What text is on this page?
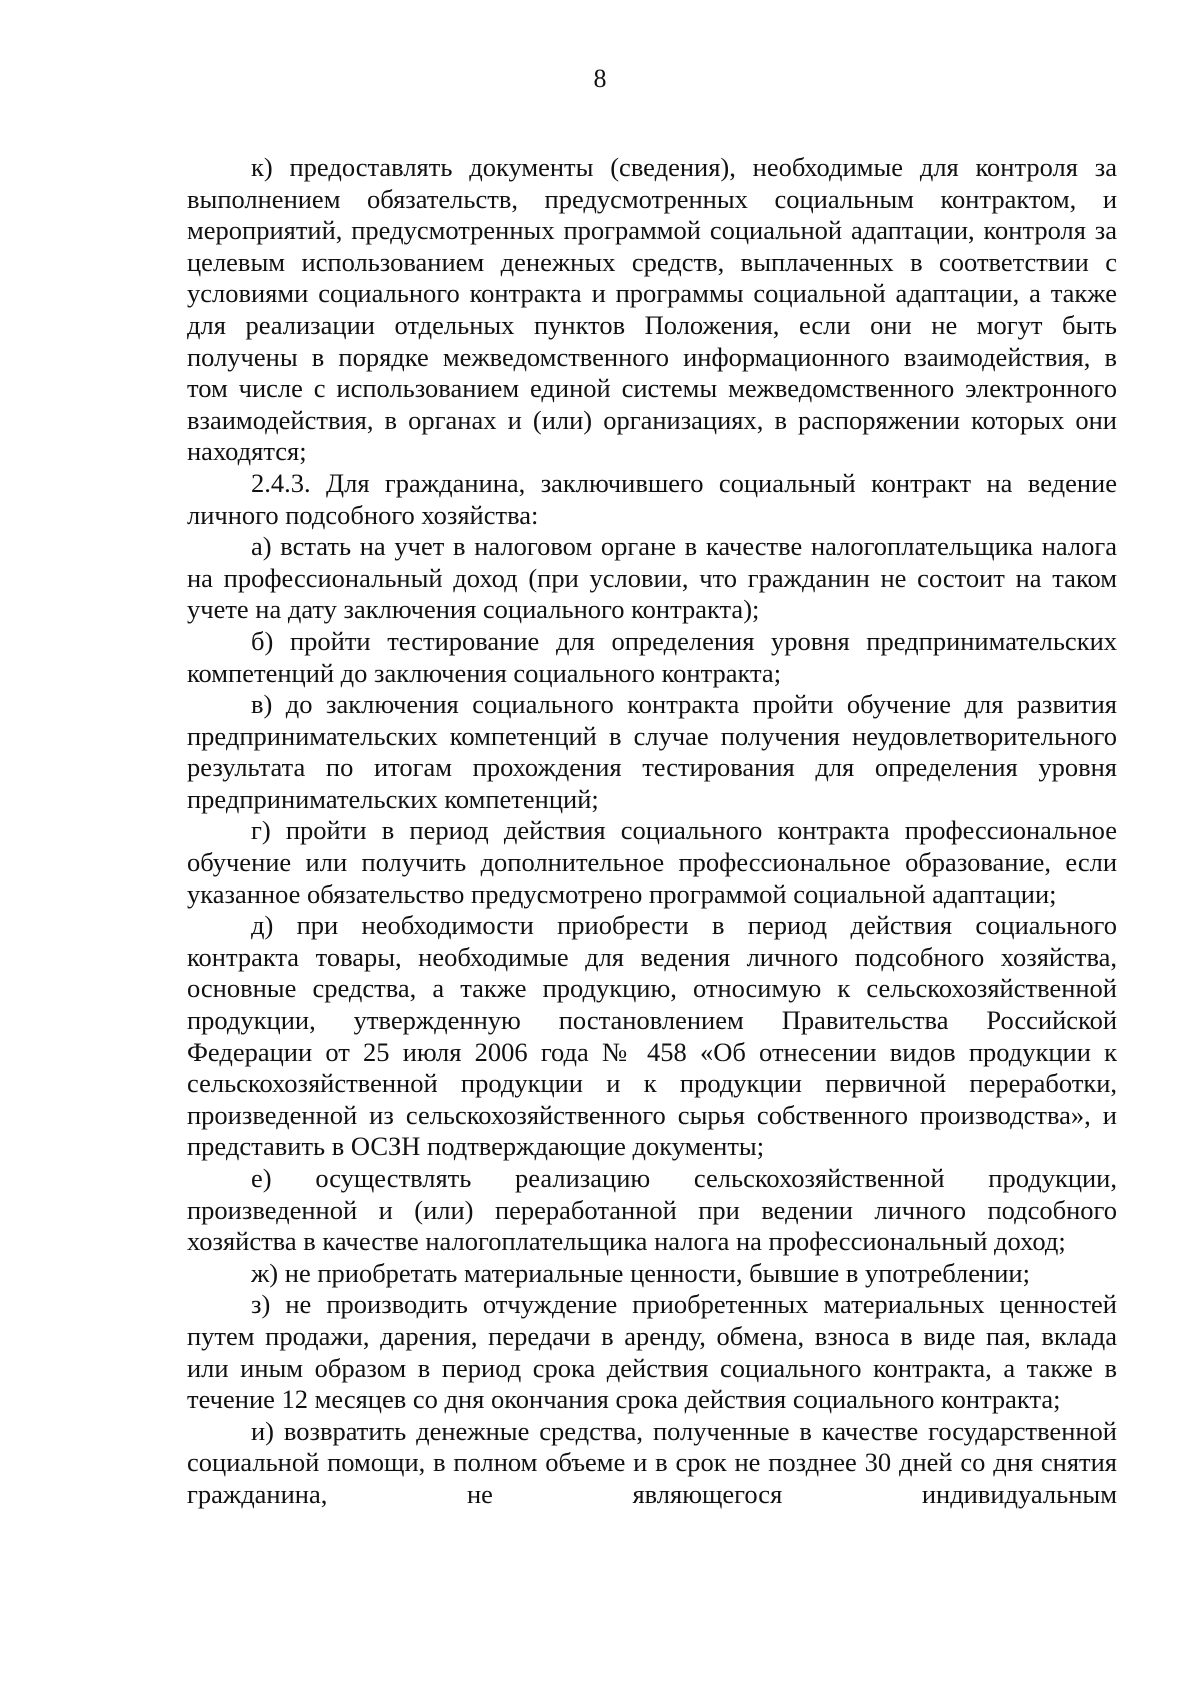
8

к) предоставлять документы (сведения), необходимые для контроля за выполнением обязательств, предусмотренных социальным контрактом, и мероприятий, предусмотренных программой социальной адаптации, контроля за целевым использованием денежных средств, выплаченных в соответствии с условиями социального контракта и программы социальной адаптации, а также для реализации отдельных пунктов Положения, если они не могут быть получены в порядке межведомственного информационного взаимодействия, в том числе с использованием единой системы межведомственного электронного взаимодействия, в органах и (или) организациях, в распоряжении которых они находятся;

2.4.3. Для гражданина, заключившего социальный контракт на ведение личного подсобного хозяйства:

а) встать на учет в налоговом органе в качестве налогоплательщика налога на профессиональный доход (при условии, что гражданин не состоит на таком учете на дату заключения социального контракта);

б) пройти тестирование для определения уровня предпринимательских компетенций до заключения социального контракта;

в) до заключения социального контракта пройти обучение для развития предпринимательских компетенций в случае получения неудовлетворительного результата по итогам прохождения тестирования для определения уровня предпринимательских компетенций;

г) пройти в период действия социального контракта профессиональное обучение или получить дополнительное профессиональное образование, если указанное обязательство предусмотрено программой социальной адаптации;

д) при необходимости приобрести в период действия социального контракта товары, необходимые для ведения личного подсобного хозяйства, основные средства, а также продукцию, относимую к сельскохозяйственной продукции, утвержденную постановлением Правительства Российской Федерации от 25 июля 2006 года № 458 «Об отнесении видов продукции к сельскохозяйственной продукции и к продукции первичной переработки, произведенной из сельскохозяйственного сырья собственного производства», и представить в ОСЗН подтверждающие документы;

е) осуществлять реализацию сельскохозяйственной продукции, произведенной и (или) переработанной при ведении личного подсобного хозяйства в качестве налогоплательщика налога на профессиональный доход;

ж) не приобретать материальные ценности, бывшие в употреблении;

з) не производить отчуждение приобретенных материальных ценностей путем продажи, дарения, передачи в аренду, обмена, взноса в виде пая, вклада или иным образом в период срока действия социального контракта, а также в течение 12 месяцев со дня окончания срока действия социального контракта;

и) возвратить денежные средства, полученные в качестве государственной социальной помощи, в полном объеме и в срок не позднее 30 дней со дня снятия гражданина, не являющегося индивидуальным
